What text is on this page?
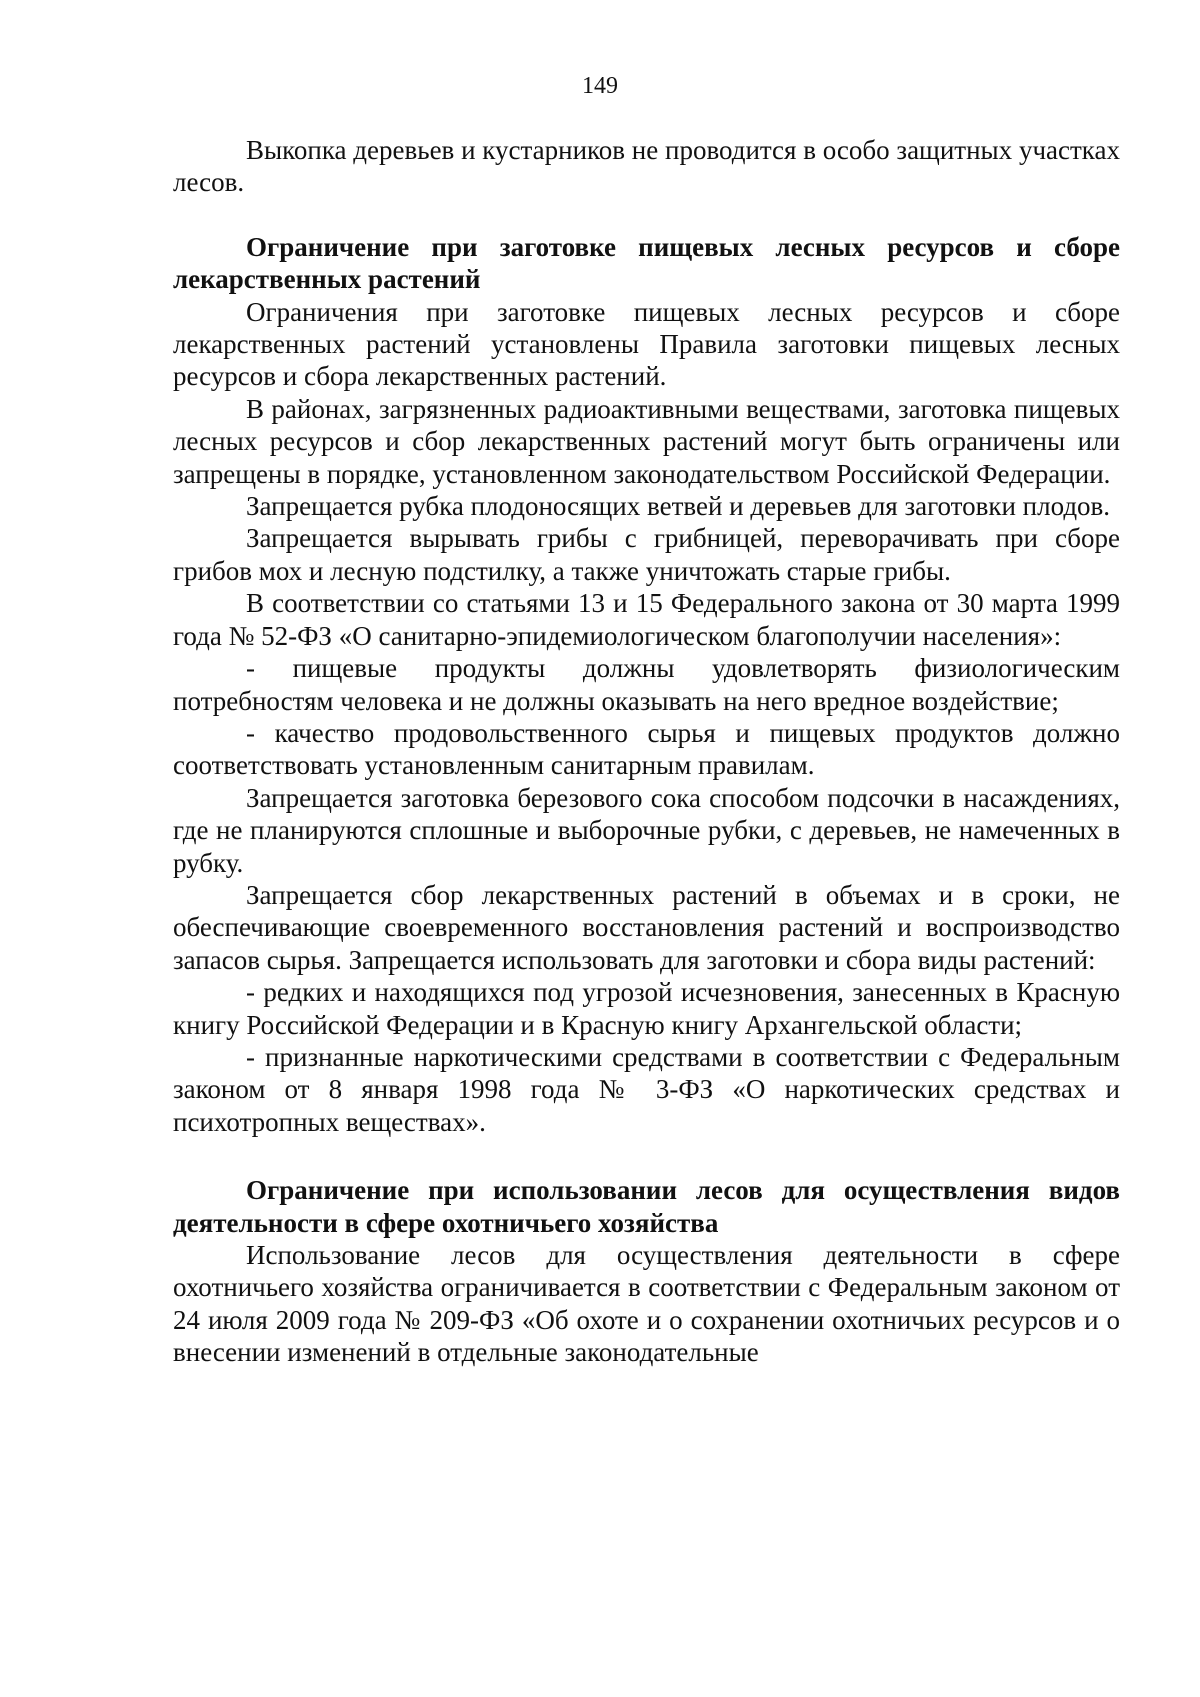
149

Выкопка деревьев и кустарников не проводится в особо защитных участках лесов.

Ограничение при заготовке пищевых лесных ресурсов и сборе лекарственных растений

Ограничения при заготовке пищевых лесных ресурсов и сборе лекарственных растений установлены Правила заготовки пищевых лесных ресурсов и сбора лекарственных растений.

В районах, загрязненных радиоактивными веществами, заготовка пищевых лесных ресурсов и сбор лекарственных растений могут быть ограничены или запрещены в порядке, установленном законодательством Российской Федерации.

Запрещается рубка плодоносящих ветвей и деревьев для заготовки плодов.

Запрещается вырывать грибы с грибницей, переворачивать при сборе грибов мох и лесную подстилку, а также уничтожать старые грибы.

В соответствии со статьями 13 и 15 Федерального закона от 30 марта 1999 года № 52-ФЗ «О санитарно-эпидемиологическом благополучии населения»:

- пищевые продукты должны удовлетворять физиологическим потребностям человека и не должны оказывать на него вредное воздействие;

- качество продовольственного сырья и пищевых продуктов должно соответствовать установленным санитарным правилам.

Запрещается заготовка березового сока способом подсочки в насаждениях, где не планируются сплошные и выборочные рубки, с деревьев, не намеченных в рубку.

Запрещается сбор лекарственных растений в объемах и в сроки, не обеспечивающие своевременного восстановления растений и воспроизводство запасов сырья. Запрещается использовать для заготовки и сбора виды растений:

- редких и находящихся под угрозой исчезновения, занесенных в Красную книгу Российской Федерации и в Красную книгу Архангельской области;

- признанные наркотическими средствами в соответствии с Федеральным законом от 8 января 1998 года № 3-ФЗ «О наркотических средствах и психотропных веществах».

Ограничение при использовании лесов для осуществления видов деятельности в сфере охотничьего хозяйства

Использование лесов для осуществления деятельности в сфере охотничьего хозяйства ограничивается в соответствии с Федеральным законом от 24 июля 2009 года № 209-ФЗ «Об охоте и о сохранении охотничьих ресурсов и о внесении изменений в отдельные законодательные
